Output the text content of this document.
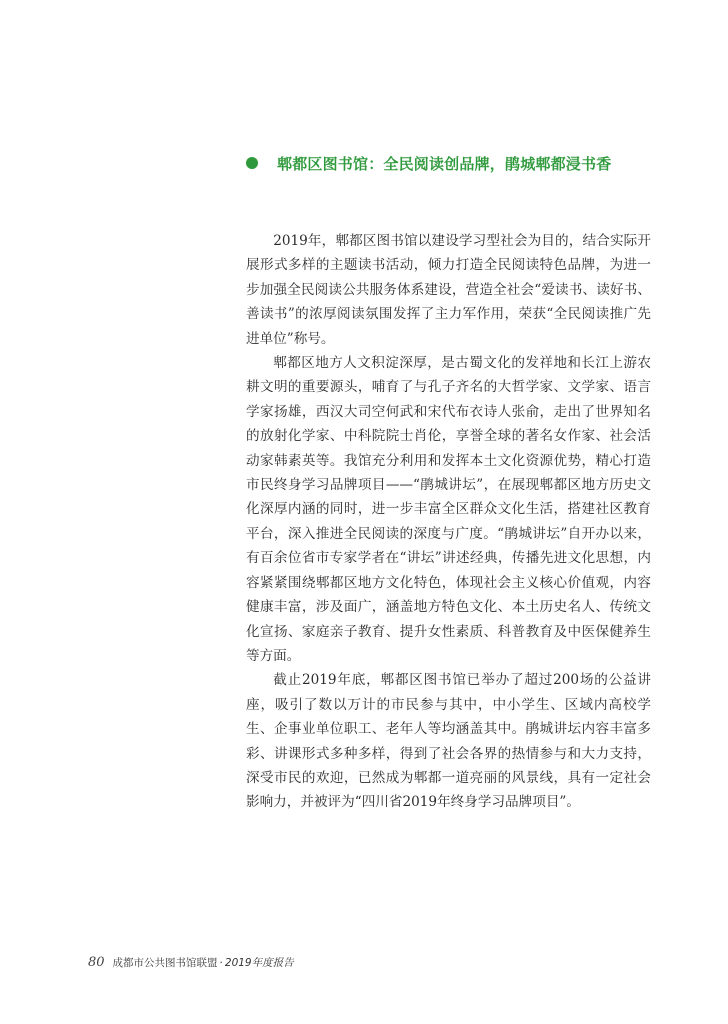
郫都区图书馆：全民阅读创品牌，鹃城郫都浸书香

2019年，郫都区图书馆以建设学习型社会为目的，结合实际开展形式多样的主题读书活动，倾力打造全民阅读特色品牌，为进一步加强全民阅读公共服务体系建设，营造全社会“爱读书、读好书、善读书”的浓厚阅读氛围发挥了主力军作用，荣获“全民阅读推广先进单位”称号。

郫都区地方人文积淀深厚，是古蜀文化的发祥地和长江上游农耕文明的重要源头，哺育了与孔子齐名的大哲学家、文学家、语言学家扬雄，西汉大司空何武和宋代布衣诗人张俞，走出了世界知名的放射化学家、中科院院士肖伦，享誉全球的著名女作家、社会活动家韩素英等。我馆充分利用和发挥本土文化资源优势，精心打造市民终身学习品牌项目——“鹃城讲坛”，在展现郫都区地方历史文化深厚内涵的同时，进一步丰富全区群众文化生活，搭建社区教育平台，深入推进全民阅读的深度与广度。“鹃城讲坛”自开办以来，有百余位省市专家学者在“讲坛”讲述经典，传播先进文化思想，内容紧紧围绕郫都区地方文化特色，体现社会主义核心价值观，内容健康丰富，涉及面广，涵盖地方特色文化、本土历史名人、传统文化宣扬、家庭亲子教育、提升女性素质、科普教育及中医保健养生等方面。

截止2019年底，郫都区图书馆已举办了超过200场的公益讲座，吸引了数以万计的市民参与其中，中小学生、区域内高校学生、企事业单位职工、老年人等均涵盖其中。鹃城讲坛内容丰富多彩、讲课形式多种多样，得到了社会各界的热情参与和大力支持，深受市民的欢迎，已然成为郫都一道亮丽的风景线，具有一定社会影响力，并被评为“四川省2019年终身学习品牌项目”。

80 成都市公共图书馆联盟 · 2019年度报告
